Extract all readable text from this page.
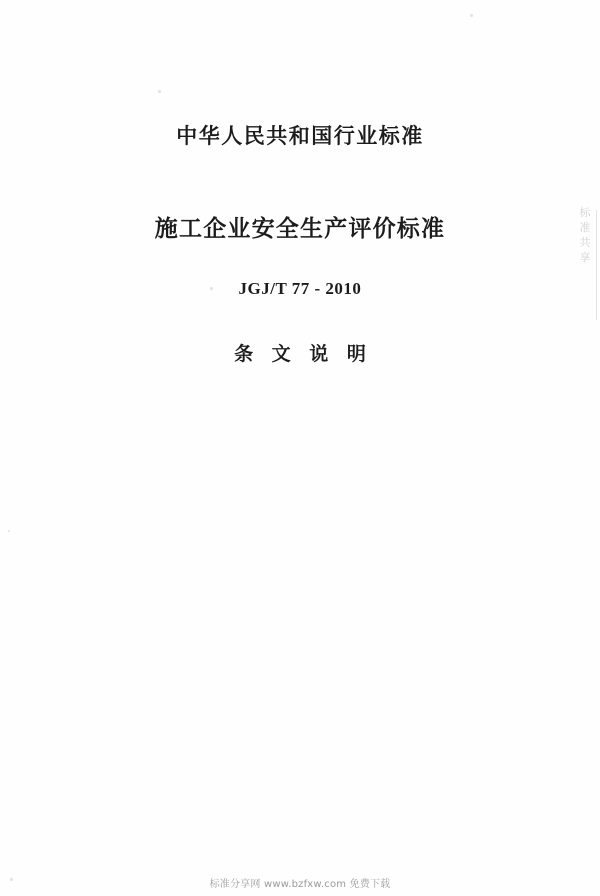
中华人民共和国行业标准

施工企业安全生产评价标准

JGJ/T 77 - 2010

条 文 说 明

标准共享
标准分享网 www.bzfxw.com 免费下载
